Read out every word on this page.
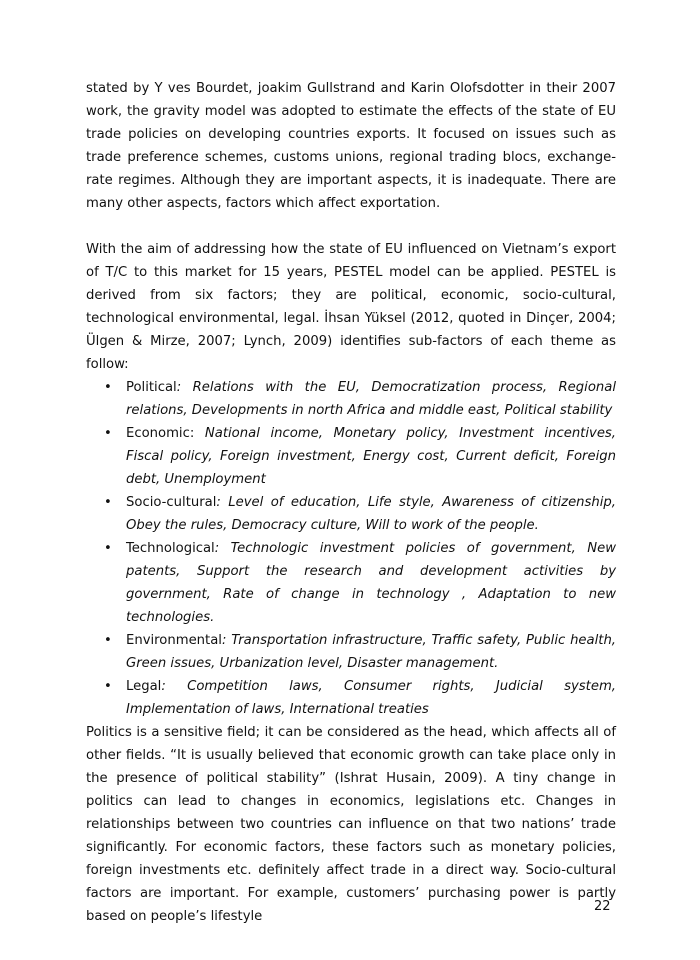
stated by Y ves Bourdet, joakim Gullstrand and Karin Olofsdotter in their 2007 work, the gravity model was adopted to estimate the effects of the state of EU trade policies on developing countries exports. It focused on issues such as trade preference schemes, customs unions, regional trading blocs, exchange-rate regimes. Although they are important aspects, it is inadequate. There are many other aspects, factors which affect exportation.

With the aim of addressing how the state of EU influenced on Vietnam’s export of T/C to this market for 15 years, PESTEL model can be applied. PESTEL is derived from six factors; they are political, economic, socio-cultural, technological environmental, legal. İhsan Yüksel (2012, quoted in Dinçer, 2004; Ülgen & Mirze, 2007; Lynch, 2009) identifies sub-factors of each theme as follow:

• Political: Relations with the EU, Democratization process, Regional relations, Developments in north Africa and middle east, Political stability
• Economic: National income, Monetary policy, Investment incentives, Fiscal policy, Foreign investment, Energy cost, Current deficit, Foreign debt, Unemployment
• Socio-cultural: Level of education, Life style, Awareness of citizenship, Obey the rules, Democracy culture, Will to work of the people.
• Technological: Technologic investment policies of government, New patents, Support the research and development activities by government, Rate of change in technology , Adaptation to new technologies.
• Environmental: Transportation infrastructure, Traffic safety, Public health, Green issues, Urbanization level, Disaster management.
• Legal: Competition laws, Consumer rights, Judicial system, Implementation of laws, International treaties

Politics is a sensitive field; it can be considered as the head, which affects all of other fields. “It is usually believed that economic growth can take place only in the presence of political stability” (Ishrat Husain, 2009). A tiny change in politics can lead to changes in economics, legislations etc. Changes in relationships between two countries can influence on that two nations’ trade significantly. For economic factors, these factors such as monetary policies, foreign investments etc. definitely affect trade in a direct way. Socio-cultural factors are important. For example, customers’ purchasing power is partly based on people’s lifestyle

22
